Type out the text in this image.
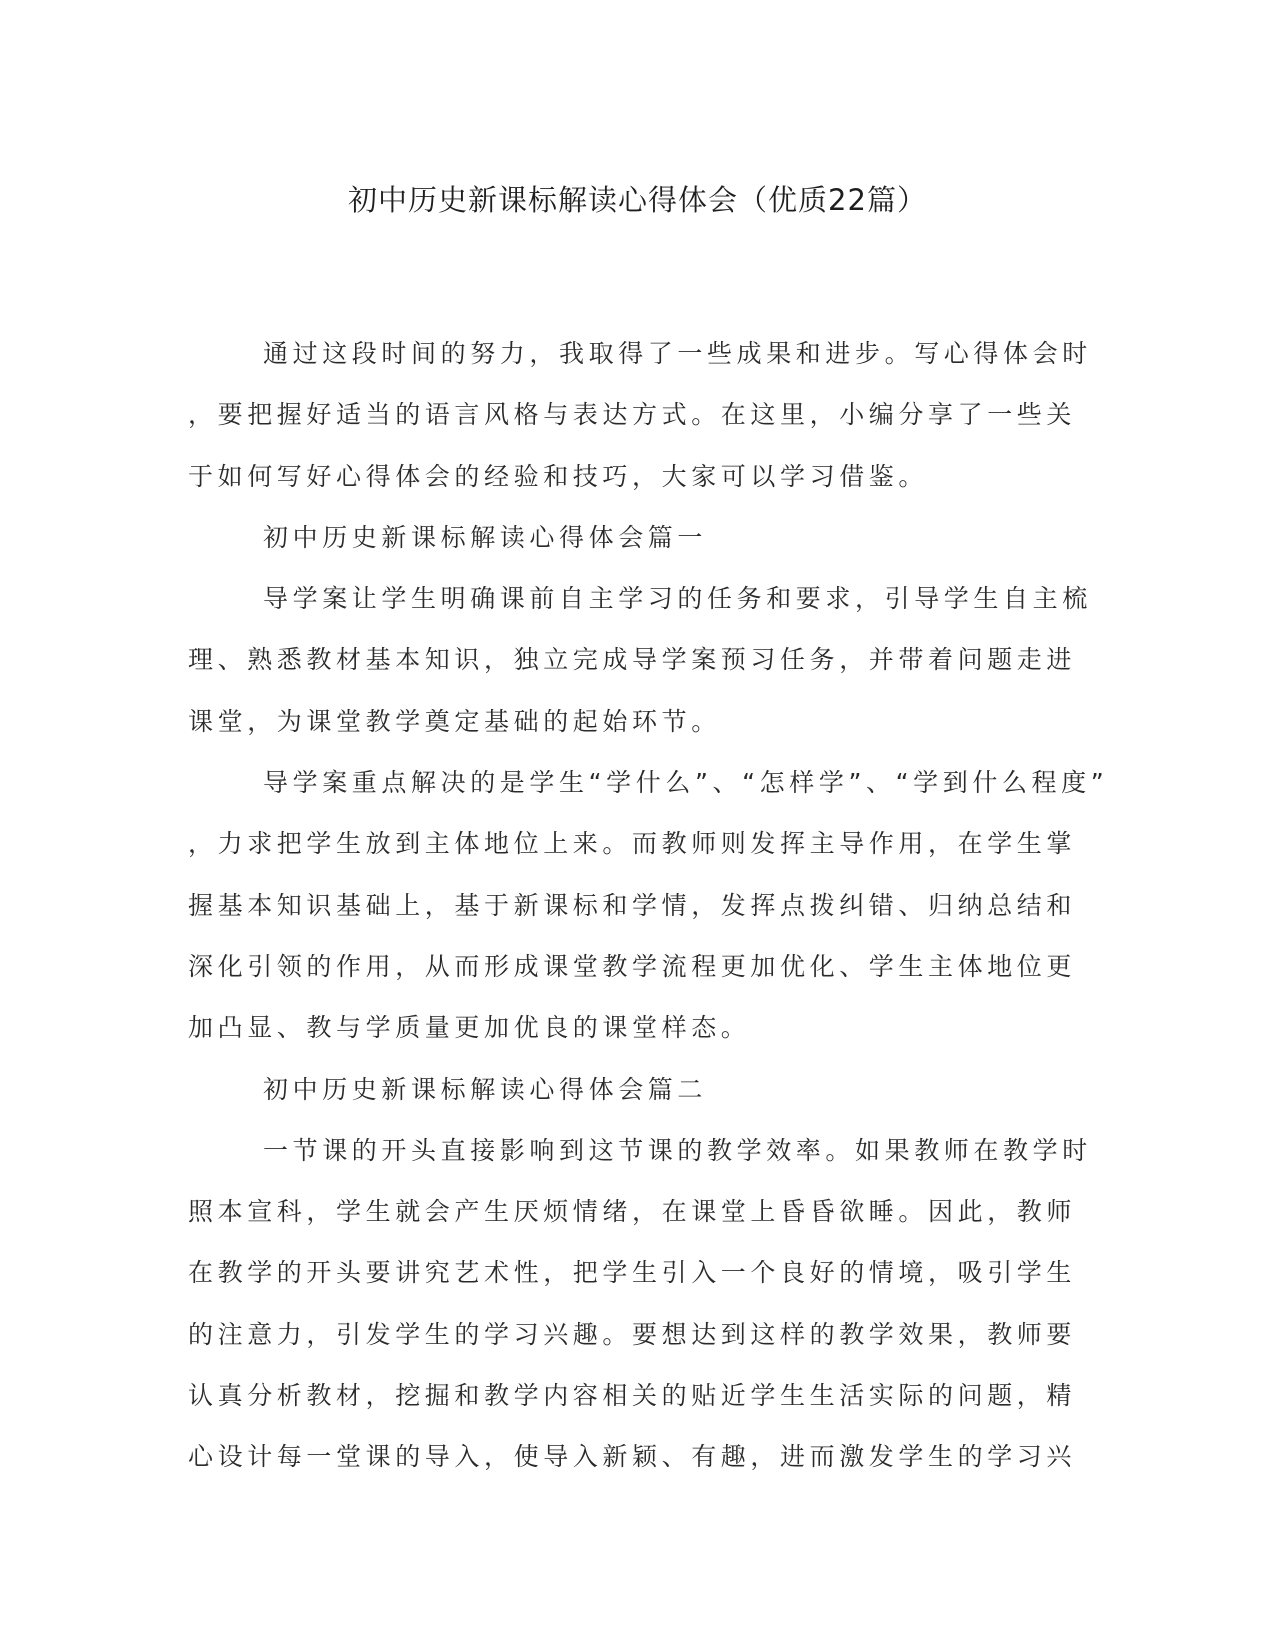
初中历史新课标解读心得体会（优质22篇）
通过这段时间的努力，我取得了一些成果和进步。写心得体会时
，要把握好适当的语言风格与表达方式。在这里，小编分享了一些关
于如何写好心得体会的经验和技巧，大家可以学习借鉴。
初中历史新课标解读心得体会篇一
导学案让学生明确课前自主学习的任务和要求，引导学生自主梳
理、熟悉教材基本知识，独立完成导学案预习任务，并带着问题走进
课堂，为课堂教学奠定基础的起始环节。
导学案重点解决的是学生“学什么”、“怎样学”、“学到什么程度”
，力求把学生放到主体地位上来。而教师则发挥主导作用，在学生掌
握基本知识基础上，基于新课标和学情，发挥点拨纠错、归纳总结和
深化引领的作用，从而形成课堂教学流程更加优化、学生主体地位更
加凸显、教与学质量更加优良的课堂样态。
初中历史新课标解读心得体会篇二
一节课的开头直接影响到这节课的教学效率。如果教师在教学时
照本宣科，学生就会产生厌烦情绪，在课堂上昏昏欲睡。因此，教师
在教学的开头要讲究艺术性，把学生引入一个良好的情境，吸引学生
的注意力，引发学生的学习兴趣。要想达到这样的教学效果，教师要
认真分析教材，挖掘和教学内容相关的贴近学生生活实际的问题，精
心设计每一堂课的导入，使导入新颖、有趣，进而激发学生的学习兴
